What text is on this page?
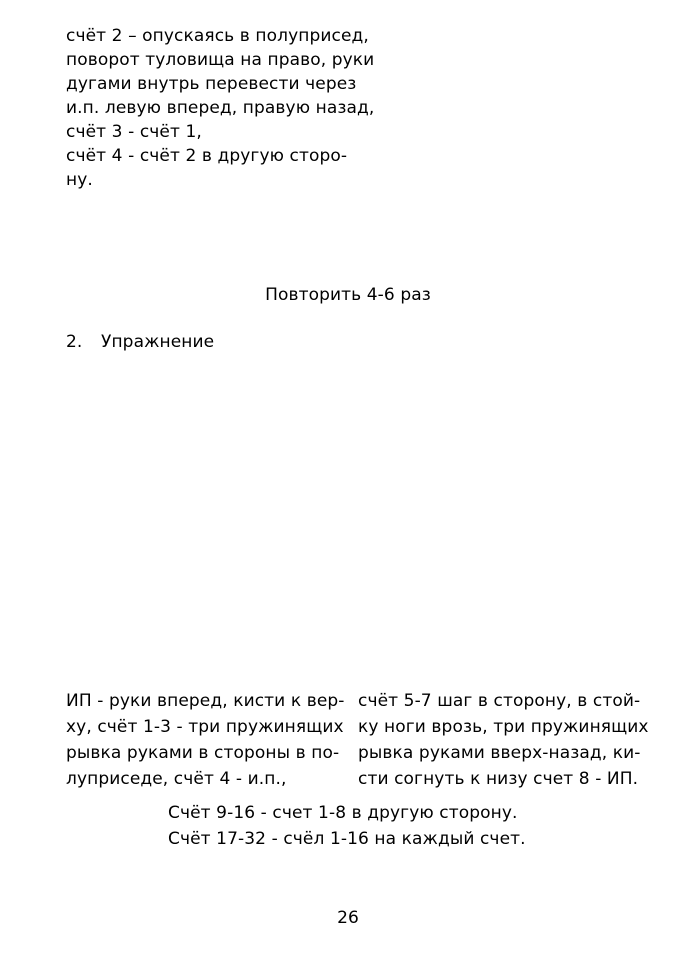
счёт 2 – опускаясь в полуприсед,
поворот туловища на право, руки
дугами внутрь перевести через
и.п. левую вперед, правую назад,
счёт 3 - счёт 1,
счёт 4 - счёт 2 в другую сторо-
ну.
Повторить 4-6 раз
2. Упражнение
ИП - руки вперед, кисти к вер-
ху, счёт 1-3 - три пружинящих
рывка руками в стороны в по-
луприседе, счёт 4 - и.п.,
счёт 5-7 шаг в сторону, в стой-
ку ноги врозь, три пружинящих
рывка руками вверх-назад, ки-
сти согнуть к низу счет 8 - ИП.
Счёт 9-16 - счет 1-8 в другую сторону.
Счёт 17-32 - счёл 1-16 на каждый счет.
26
